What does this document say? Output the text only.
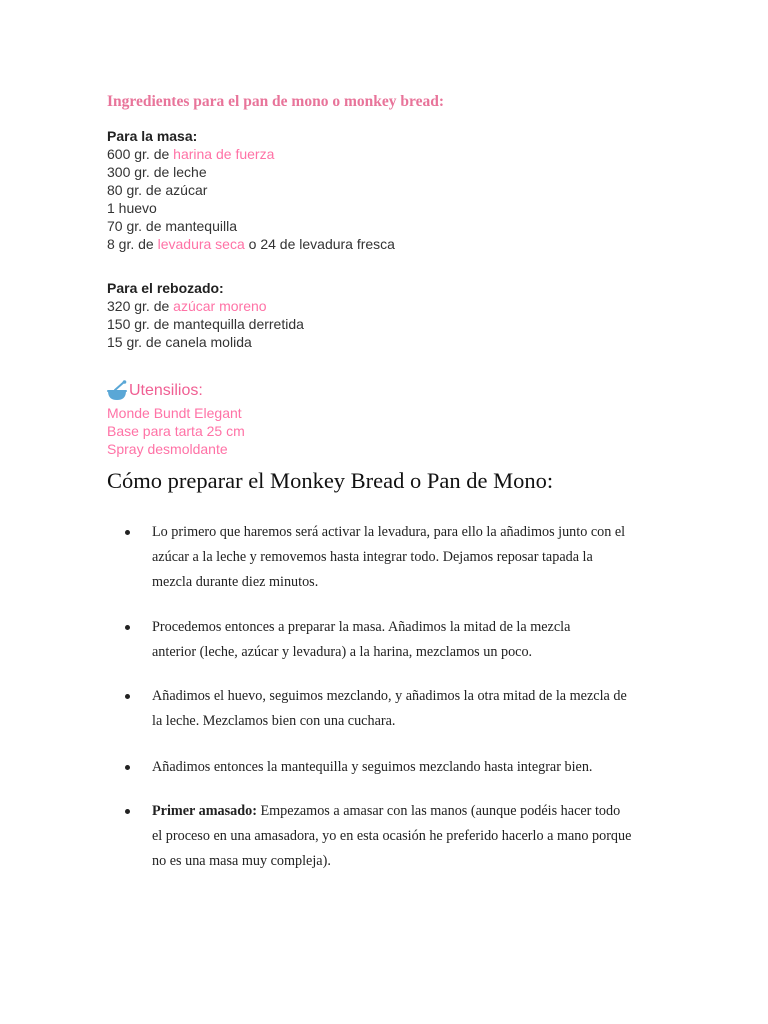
Ingredientes para el pan de mono o monkey bread:
Para la masa:
600 gr. de harina de fuerza
300 gr. de leche
80 gr. de azúcar
1 huevo
70 gr. de mantequilla
8 gr. de levadura seca o 24 de levadura fresca
Para el rebozado:
320 gr. de azúcar moreno
150 gr. de mantequilla derretida
15 gr. de canela molida
Utensilios:
Monde Bundt Elegant
Base para tarta 25 cm
Spray desmoldante
Cómo preparar el Monkey Bread o Pan de Mono:
Lo primero que haremos será activar la levadura, para ello la añadimos junto con el
azúcar a la leche y removemos hasta integrar todo. Dejamos reposar tapada la
mezcla durante diez minutos.
Procedemos entonces a preparar la masa. Añadimos la mitad de la mezcla
anterior (leche, azúcar y levadura) a la harina, mezclamos un poco.
Añadimos el huevo, seguimos mezclando, y añadimos la otra mitad de la mezcla de
la leche. Mezclamos bien con una cuchara.
Añadimos entonces la mantequilla y seguimos mezclando hasta integrar bien.
Primer amasado: Empezamos a amasar con las manos (aunque podéis hacer todo
el proceso en una amasadora, yo en esta ocasión he preferido hacerlo a mano porque
no es una masa muy compleja).
